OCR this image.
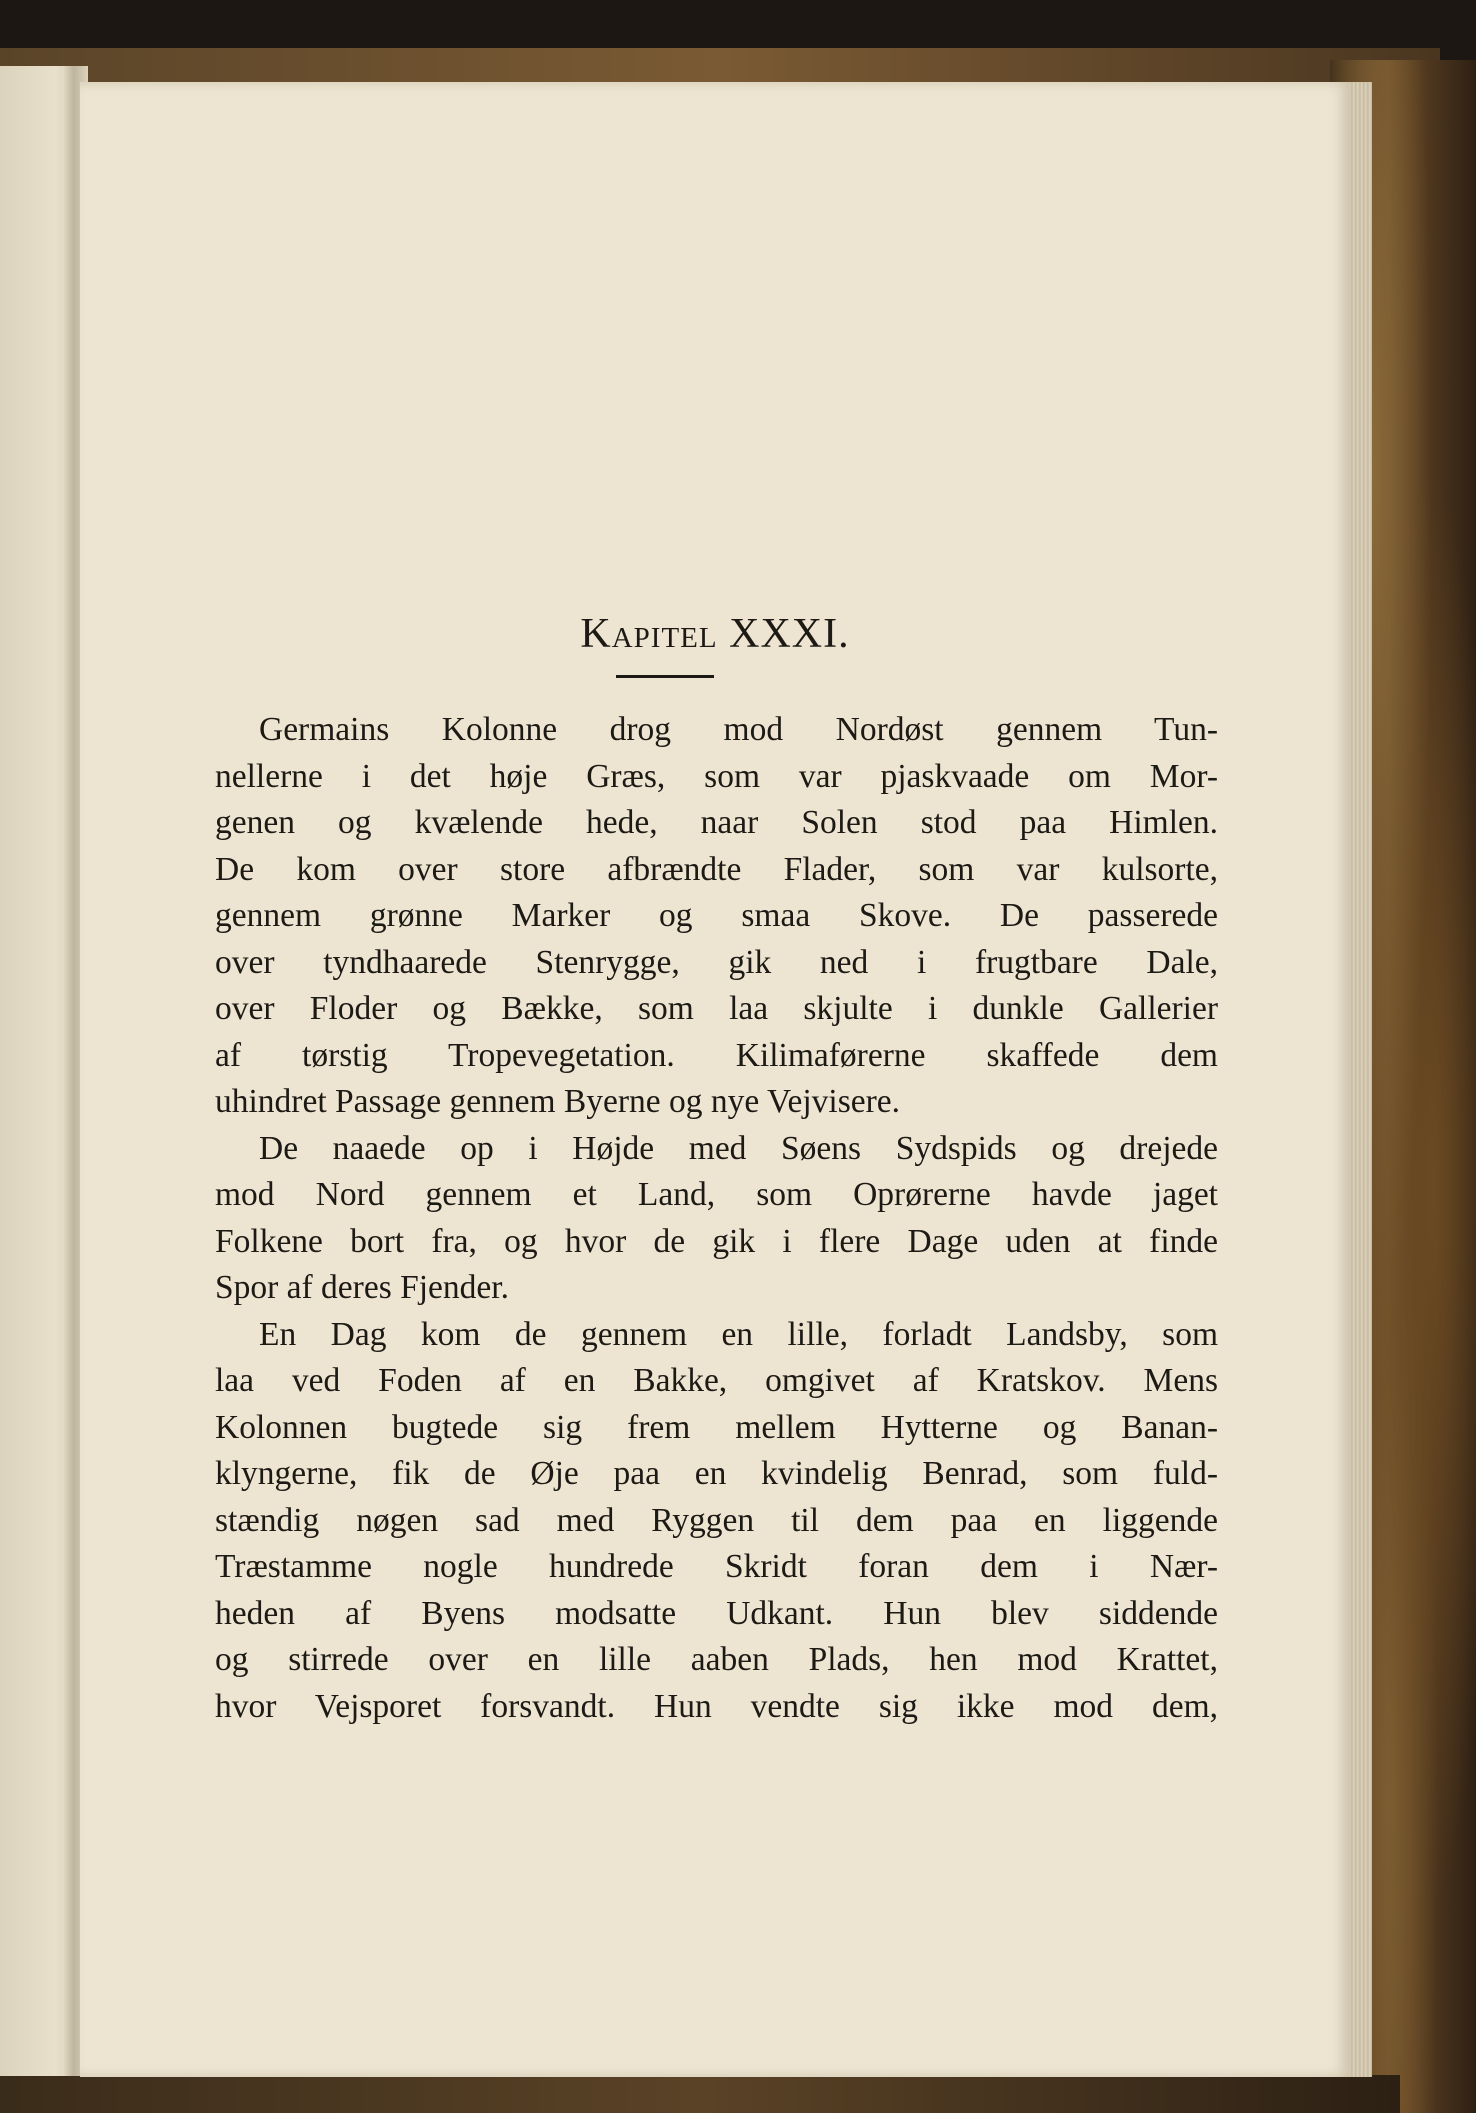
Kapitel XXXI.

Germains Kolonne drog mod Nordøst gennem Tun-
nellerne i det høje Græs, som var pjaskvaade om Mor-
genen og kvælende hede, naar Solen stod paa Himlen.
De kom over store afbrændte Flader, som var kulsorte,
gennem grønne Marker og smaa Skove. De passerede
over tyndhaarede Stenrygge, gik ned i frugtbare Dale,
over Floder og Bække, som laa skjulte i dunkle Gallerier
af tørstig Tropevegetation. Kilimaførerne skaffede dem
uhindret Passage gennem Byerne og nye Vejvisere.

De naaede op i Højde med Søens Sydspids og drejede
mod Nord gennem et Land, som Oprørerne havde jaget
Folkene bort fra, og hvor de gik i flere Dage uden at finde
Spor af deres Fjender.

En Dag kom de gennem en lille, forladt Landsby, som
laa ved Foden af en Bakke, omgivet af Kratskov. Mens
Kolonnen bugtede sig frem mellem Hytterne og Banan-
klyngerne, fik de Øje paa en kvindelig Benrad, som fuld-
stændig nøgen sad med Ryggen til dem paa en liggende
Træstamme nogle hundrede Skridt foran dem i Nær-
heden af Byens modsatte Udkant. Hun blev siddende
og stirrede over en lille aaben Plads, hen mod Krattet,
hvor Vejsporet forsvandt. Hun vendte sig ikke mod dem,
